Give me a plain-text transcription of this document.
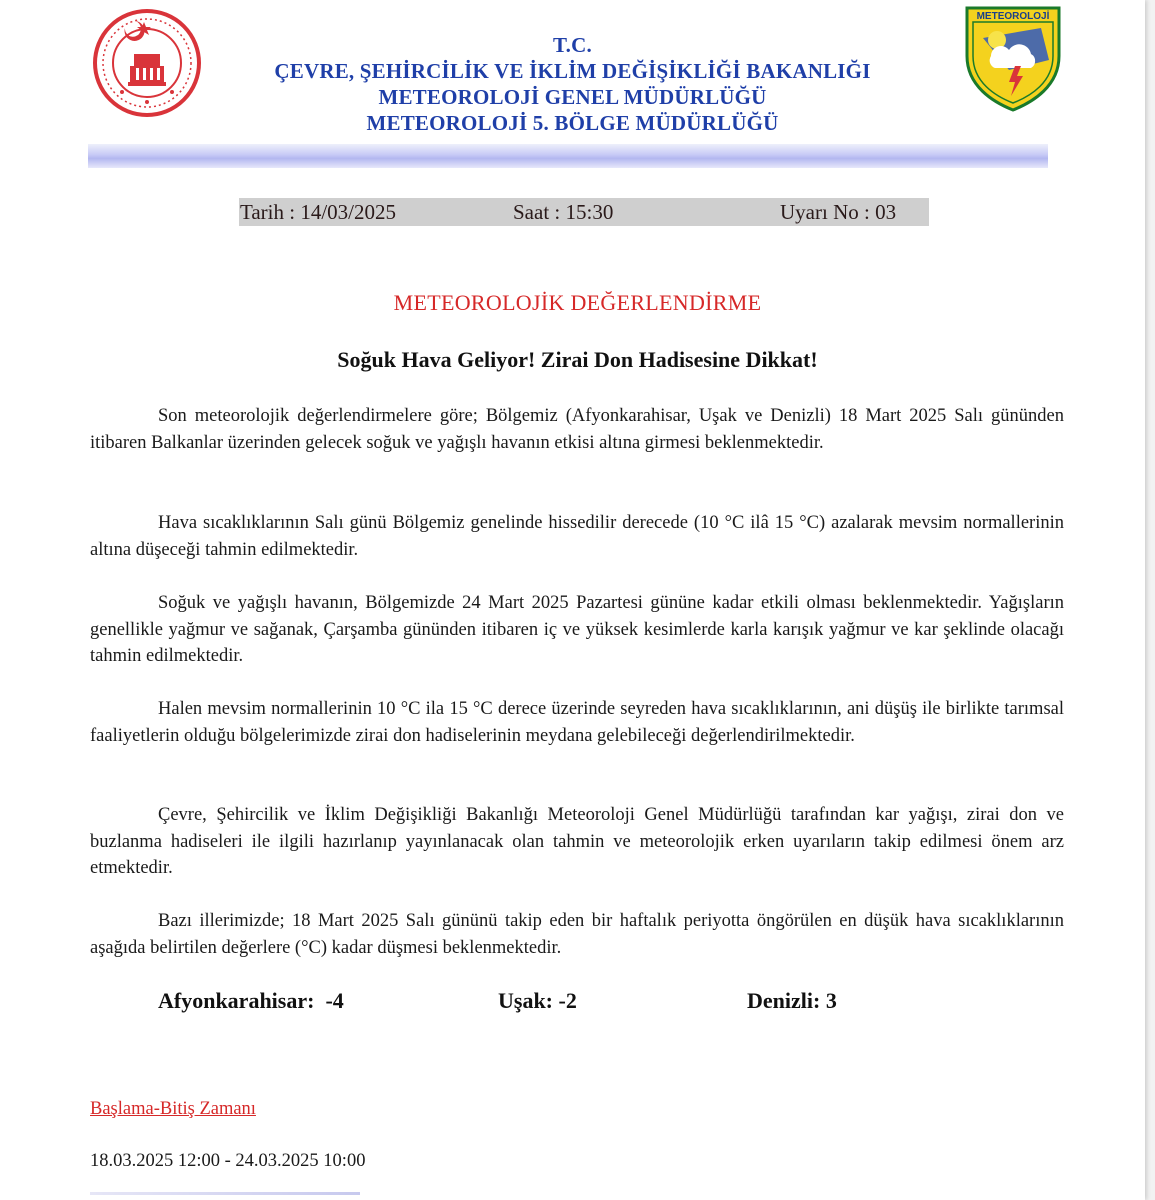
METEOROLOJİ
T.C.
ÇEVRE, ŞEHİRCİLİK VE İKLİM DEĞİŞİKLİĞİ BAKANLIĞI
METEOROLOJİ GENEL MÜDÜRLÜĞÜ
METEOROLOJİ 5. BÖLGE MÜDÜRLÜĞÜ
Tarih : 14/03/2025	Saat : 15:30	Uyarı No : 03
METEOROLOJİK DEĞERLENDİRME
Soğuk Hava Geliyor! Zirai Don Hadisesine Dikkat!

Son meteorolojik değerlendirmelere göre; Bölgemiz (Afyonkarahisar, Uşak ve Denizli) 18 Mart 2025 Salı gününden itibaren Balkanlar üzerinden gelecek soğuk ve yağışlı havanın etkisi altına girmesi beklenmektedir.

Hava sıcaklıklarının Salı günü Bölgemiz genelinde hissedilir derecede (10 °C ilâ 15 °C) azalarak mevsim normallerinin altına düşeceği tahmin edilmektedir.

Soğuk ve yağışlı havanın, Bölgemizde 24 Mart 2025 Pazartesi gününe kadar etkili olması beklenmektedir. Yağışların genellikle yağmur ve sağanak, Çarşamba gününden itibaren iç ve yüksek kesimlerde karla karışık yağmur ve kar şeklinde olacağı tahmin edilmektedir.

Halen mevsim normallerinin 10 °C ila 15 °C derece üzerinde seyreden hava sıcaklıklarının, ani düşüş ile birlikte tarımsal faaliyetlerin olduğu bölgelerimizde zirai don hadiselerinin meydana gelebileceği değerlendirilmektedir.

Çevre, Şehircilik ve İklim Değişikliği Bakanlığı Meteoroloji Genel Müdürlüğü tarafından kar yağışı, zirai don ve buzlanma hadiseleri ile ilgili hazırlanıp yayınlanacak olan tahmin ve meteorolojik erken uyarıların takip edilmesi önem arz etmektedir.

Bazı illerimizde; 18 Mart 2025 Salı gününü takip eden bir haftalık periyotta öngörülen en düşük hava sıcaklıklarının aşağıda belirtilen değerlere (°C) kadar düşmesi beklenmektedir.

Afyonkarahisar: -4	Uşak: -2	Denizli: 3
Başlama-Bitiş Zamanı
18.03.2025 12:00 - 24.03.2025 10:00
